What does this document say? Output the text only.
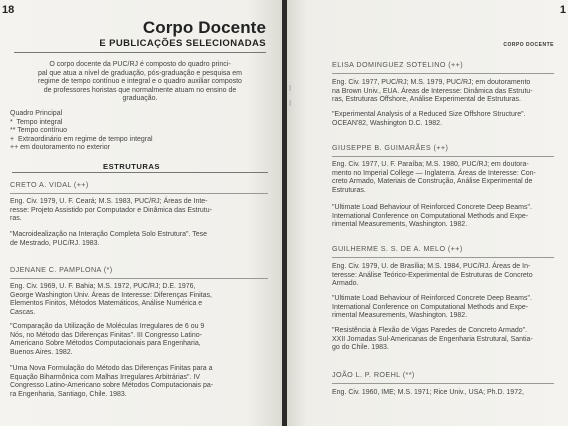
18
Corpo Docente
E PUBLICAÇÕES SELECIONADAS
O corpo docente da PUC/RJ é composto do quadro princi-
pal que atua a nível de graduação, pós-graduação e pesquisa em
regime de tempo contínuo e integral e o quadro auxiliar composto
de professores horistas que normalmente atuam no ensino de
graduação.
Quadro Principal
*  Tempo integral
** Tempo contínuo
+  Extraordinário em regime de tempo integral
++ em doutoramento no exterior
ESTRUTURAS
CRETO A. VIDAL (++)
Eng. Civ. 1979, U. F. Ceará; M.S. 1983, PUC/RJ; Áreas de Inte-
resse: Projeto Assistido por Computador e Dinâmica das Estrutu-
ras.
"Macroidealização na Interação Completa Solo Estrutura". Tese
de Mestrado, PUC/RJ. 1983.
DJENANE C. PAMPLONA (*)
Eng. Civ. 1969, U. F. Bahia; M.S. 1972, PUC/RJ; D.E. 1976,
George Washington Univ. Áreas de Interesse: Diferenças Finitas,
Elementos Finitos, Métodos Matemáticos, Análise Numérica e
Cascas.
"Comparação da Utilização de Moléculas Irregulares de 6 ou 9
Nós, no Método das Diferenças Finitas". III Congresso Latino-
Americano Sobre Métodos Computacionais para Engenharia,
Buenos Aires. 1982.
"Uma Nova Formulação do Método das Diferenças Finitas para a
Equação Biharmônica com Malhas Irregulares Arbitrárias". IV
Congresso Latino-Americano sobre Métodos Computacionais pa-
ra Engenharia, Santiago, Chile. 1983.
1
CORPO DOCENTE
I
I
ELISA DOMINGUEZ SOTELINO (++)
Eng. Civ. 1977, PUC/RJ; M.S. 1979, PUC/RJ; em doutoramento
na Brown Univ., EUA. Áreas de Interesse: Dinâmica das Estrutu-
ras, Estruturas Offshore, Análise Experimental de Estruturas.
"Experimental Analysis of a Reduced Size Offshore Structure".
OCEAN'82, Washington D.C. 1982.
GIUSEPPE B. GUIMARÃES (++)
Eng. Civ. 1977, U. F. Paraíba; M.S. 1980, PUC/RJ; em doutora-
mento no Imperial College — Inglaterra. Áreas de Interesse: Con-
creto Armado, Materiais de Construção, Análise Experimental de
Estruturas.
"Ultimate Load Behaviour of Reinforced Concrete Deep Beams".
International Conference on Computational Methods and Expe-
rimental Measurements, Washington. 1982.
GUILHERME S. S. DE A. MELO (++)
Eng. Civ. 1979, U. de Brasília; M.S. 1984, PUC/RJ. Áreas de In-
teresse: Análise Teórico-Experimental de Estruturas de Concreto
Armado.
"Ultimate Load Behaviour of Reinforced Concrete Deep Beams".
International Conference on Computational Methods and Expe-
rimental Measurements, Washington. 1982.
"Resistência à Flexão de Vigas Paredes de Concreto Armado".
XXII Jornadas Sul-Americanas de Engenharia Estrutural, Santia-
go do Chile. 1983.
JOÃO L. P. ROEHL (**)
Eng. Civ. 1960, IME; M.S. 1971; Rice Univ., USA; Ph.D. 1972,
